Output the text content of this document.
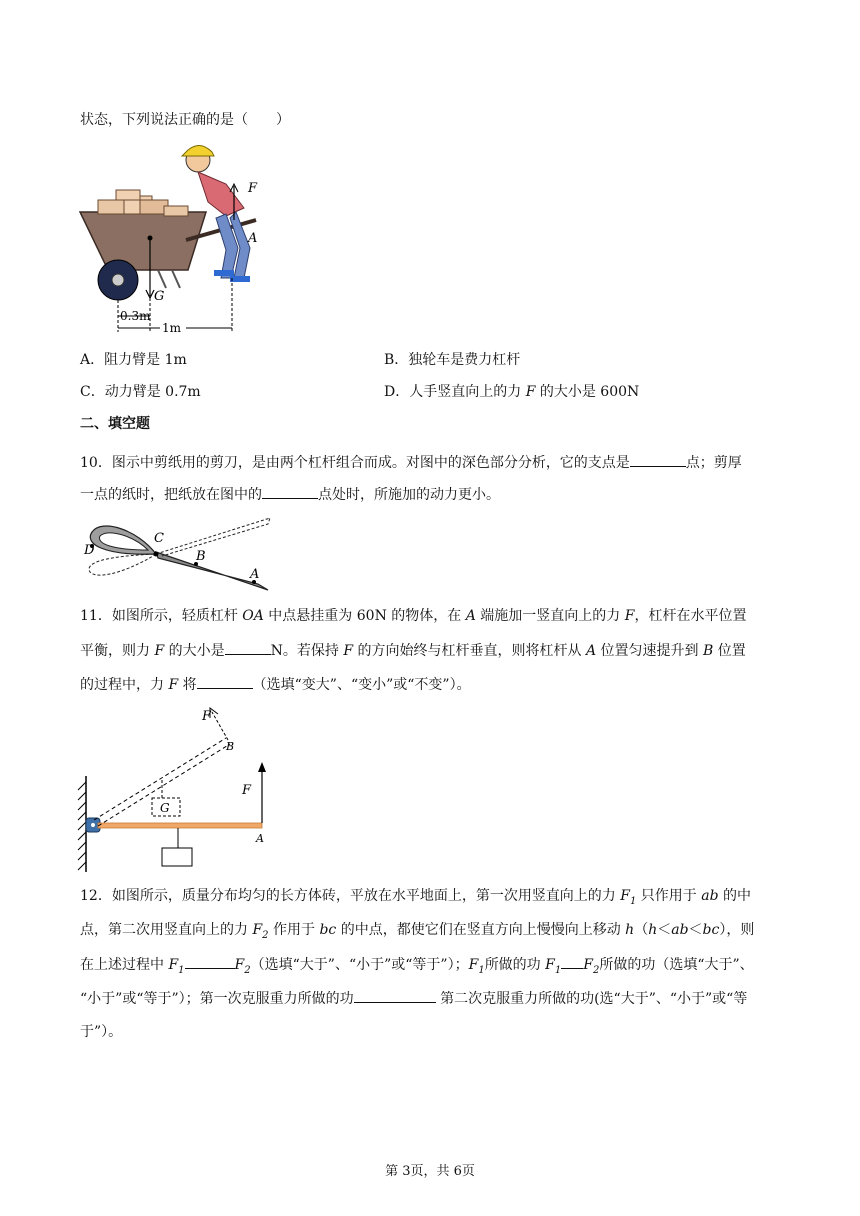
状态，下列说法正确的是（　　）
G
F
A
0.3m
1m
A．阻力臂是 1m	B．独轮车是费力杠杆
C．动力臂是 0.7m	D．人手竖直向上的力 F 的大小是 600N
二、填空题
10．图示中剪纸用的剪刀，是由两个杠杆组合而成。对图中的深色部分分析，它的支点是	点；剪厚
一点的纸时，把纸放在图中的	点处时，所施加的动力更小。
D
C
B
A
11．如图所示，轻质杠杆 OA 中点悬挂重为 60N 的物体，在 A 端施加一竖直向上的力 F，杠杆在水平位置
平衡，则力 F 的大小是	N。若保持 F 的方向始终与杠杆垂直，则将杠杆从 A 位置匀速提升到 B 位置
的过程中，力 F 将	（选填“变大”、“变小”或“不变”）。
F
A
G
F
B
12．如图所示，质量分布均匀的长方体砖，平放在水平地面上，第一次用竖直向上的力 $F_1$ 只作用于 ab 的中
点，第二次用竖直向上的力 $F_2$ 作用于 bc 的中点，都使它们在竖直方向上慢慢向上移动 h（h＜ab＜bc），则
在上述过程中 $F_1$	$F_2$（选填“大于”、“小于”或“等于”）；$F_1$所做的功 $F_1$ $F_2$所做的功（选填“大于”、
“小于”或“等于”）；第一次克服重力所做的功	第二次克服重力所做的功(选“大于”、“小于”或“等
于”）。
第 3页，共 6页
